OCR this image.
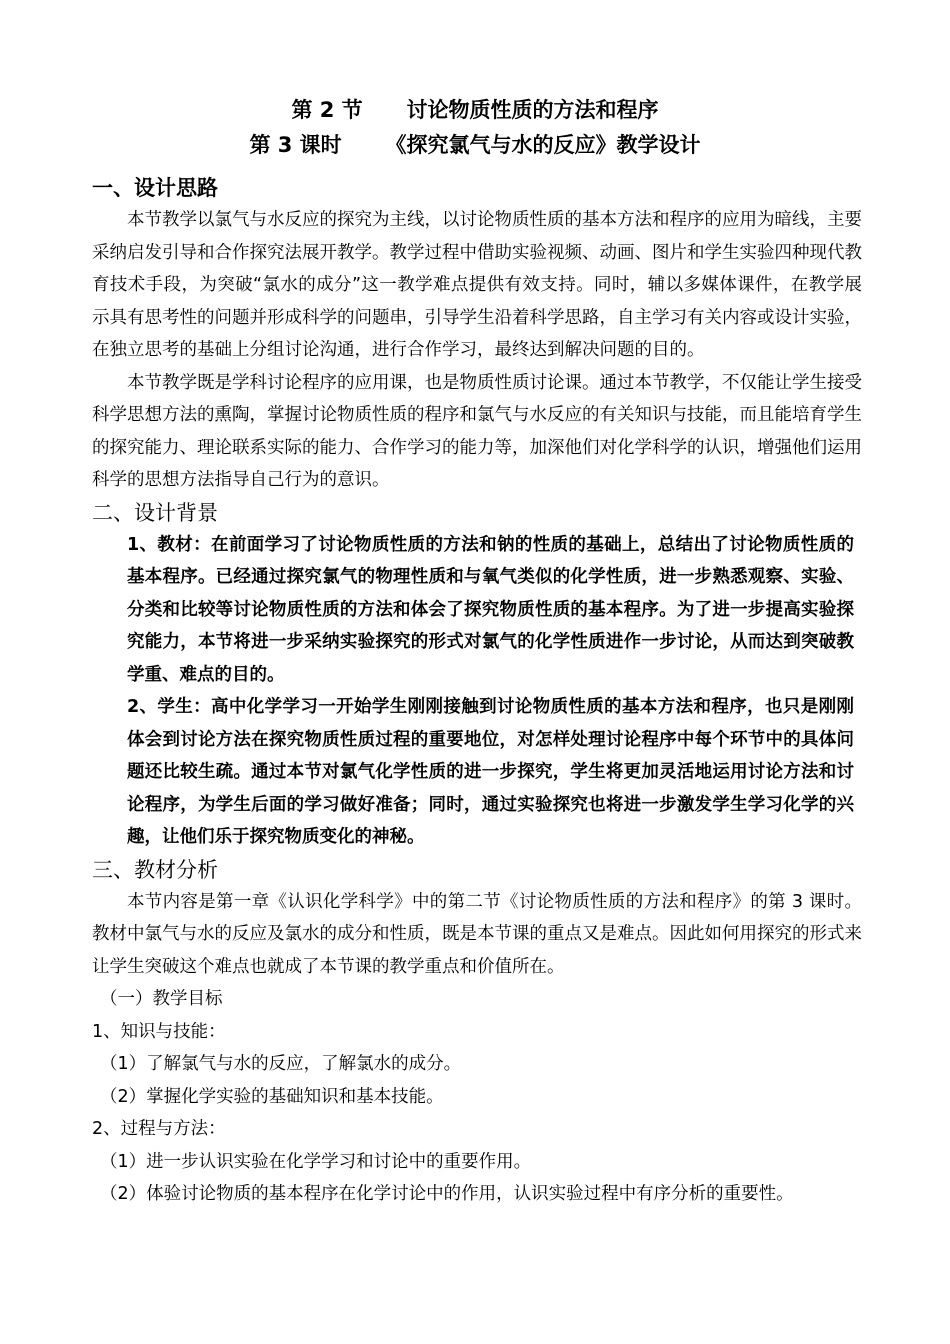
第 2 节      讨论物质性质的方法和程序
第 3 课时      《探究氯气与水的反应》教学设计
一、设计思路

本节教学以氯气与水反应的探究为主线，以讨论物质性质的基本方法和程序的应用为暗线，主要采纳启发引导和合作探究法展开教学。教学过程中借助实验视频、动画、图片和学生实验四种现代教育技术手段，为突破“氯水的成分”这一教学难点提供有效支持。同时，辅以多媒体课件，在教学展示具有思考性的问题并形成科学的问题串，引导学生沿着科学思路，自主学习有关内容或设计实验，在独立思考的基础上分组讨论沟通，进行合作学习，最终达到解决问题的目的。

本节教学既是学科讨论程序的应用课，也是物质性质讨论课。通过本节教学，不仅能让学生接受科学思想方法的熏陶，掌握讨论物质性质的程序和氯气与水反应的有关知识与技能，而且能培育学生的探究能力、理论联系实际的能力、合作学习的能力等，加深他们对化学科学的认识，增强他们运用科学的思想方法指导自己行为的意识。

二、设计背景

1、教材：在前面学习了讨论物质性质的方法和钠的性质的基础上，总结出了讨论物质性质的基本程序。已经通过探究氯气的物理性质和与氧气类似的化学性质，进一步熟悉观察、实验、分类和比较等讨论物质性质的方法和体会了探究物质性质的基本程序。为了进一步提高实验探究能力，本节将进一步采纳实验探究的形式对氯气的化学性质进作一步讨论，从而达到突破教学重、难点的目的。

2、学生：高中化学学习一开始学生刚刚接触到讨论物质性质的基本方法和程序，也只是刚刚体会到讨论方法在探究物质性质过程的重要地位，对怎样处理讨论程序中每个环节中的具体问题还比较生疏。通过本节对氯气化学性质的进一步探究，学生将更加灵活地运用讨论方法和讨论程序，为学生后面的学习做好准备；同时，通过实验探究也将进一步激发学生学习化学的兴趣，让他们乐于探究物质变化的神秘。

三、教材分析

本节内容是第一章《认识化学科学》中的第二节《讨论物质性质的方法和程序》的第 3 课时。教材中氯气与水的反应及氯水的成分和性质，既是本节课的重点又是难点。因此如何用探究的形式来让学生突破这个难点也就成了本节课的教学重点和价值所在。

（一）教学目标
1、知识与技能：
（1）了解氯气与水的反应，了解氯水的成分。
（2）掌握化学实验的基础知识和基本技能。
2、过程与方法：
（1）进一步认识实验在化学学习和讨论中的重要作用。
（2）体验讨论物质的基本程序在化学讨论中的作用，认识实验过程中有序分析的重要性。
